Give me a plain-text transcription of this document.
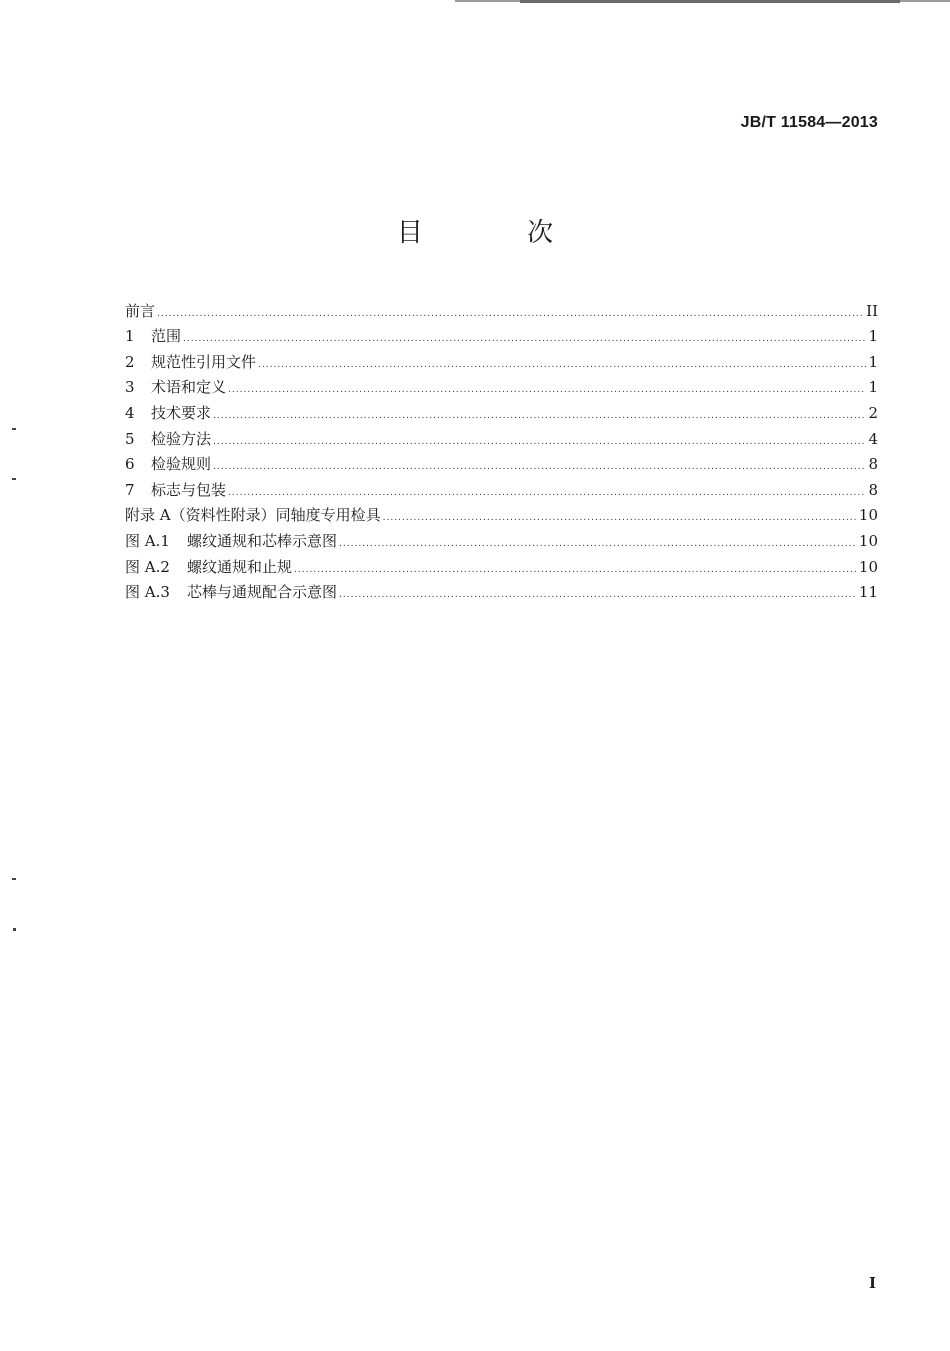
JB/T 11584—2013
目 次
前言 .....	II
1	范围 .....	1
2	规范性引用文件 .....	1
3	术语和定义 .....	1
4	技术要求 .....	2
5	检验方法 .....	4
6	检验规则 .....	8
7	标志与包装 .....	8
附录 A（资料性附录）同轴度专用检具 .....	10
图 A.1	螺纹通规和芯棒示意图 .....	10
图 A.2	螺纹通规和止规 .....	10
图 A.3	芯棒与通规配合示意图 .....	11
I
